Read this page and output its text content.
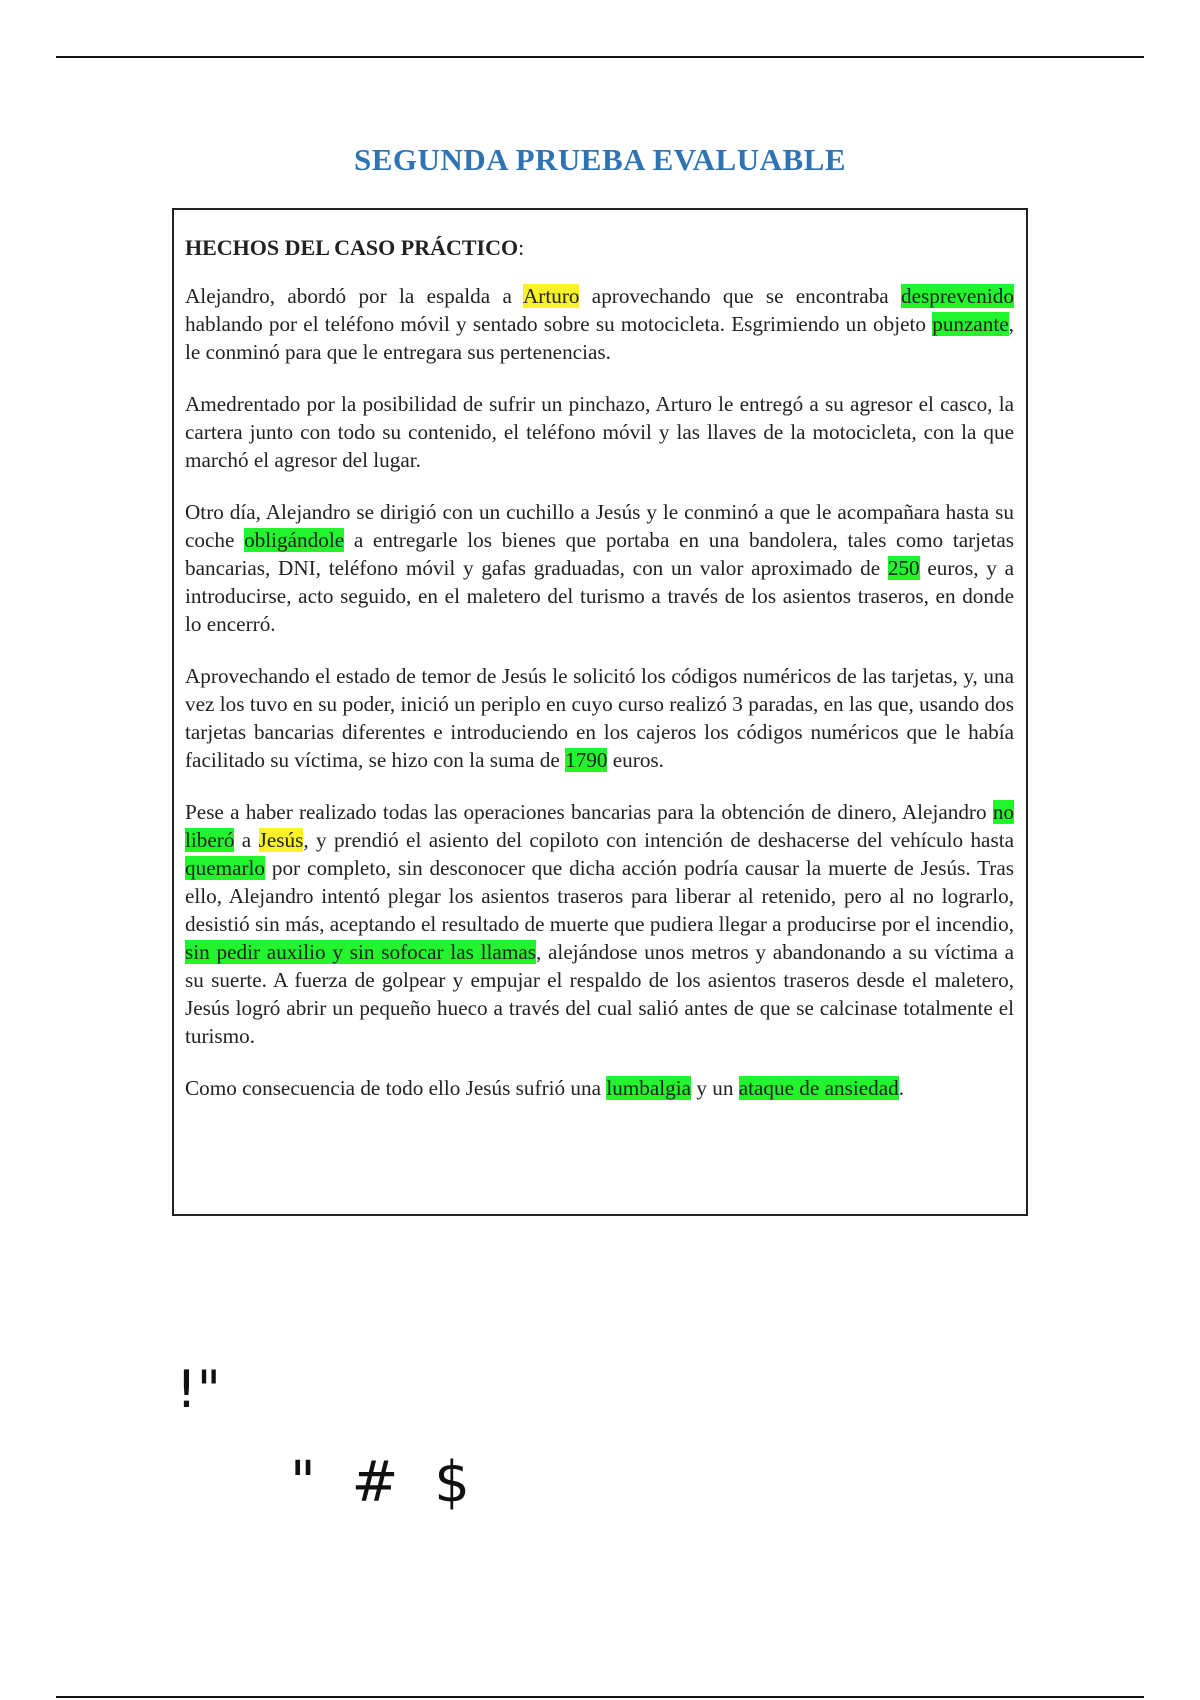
SEGUNDA PRUEBA EVALUABLE

HECHOS DEL CASO PRÁCTICO:

Alejandro, abordó por la espalda a Arturo aprovechando que se encontraba desprevenido hablando por el teléfono móvil y sentado sobre su motocicleta. Esgrimiendo un objeto punzante, le conminó para que le entregara sus pertenencias.

Amedrentado por la posibilidad de sufrir un pinchazo, Arturo le entregó a su agresor el casco, la cartera junto con todo su contenido, el teléfono móvil y las llaves de la motocicleta, con la que marchó el agresor del lugar.

Otro día, Alejandro se dirigió con un cuchillo a Jesús y le conminó a que le acompañara hasta su coche obligándole a entregarle los bienes que portaba en una bandolera, tales como tarjetas bancarias, DNI, teléfono móvil y gafas graduadas, con un valor aproximado de 250 euros, y a introducirse, acto seguido, en el maletero del turismo a través de los asientos traseros, en donde lo encerró.

Aprovechando el estado de temor de Jesús le solicitó los códigos numéricos de las tarjetas, y, una vez los tuvo en su poder, inició un periplo en cuyo curso realizó 3 paradas, en las que, usando dos tarjetas bancarias diferentes e introduciendo en los cajeros los códigos numéricos que le había facilitado su víctima, se hizo con la suma de 1790 euros.

Pese a haber realizado todas las operaciones bancarias para la obtención de dinero, Alejandro no liberó a Jesús, y prendió el asiento del copiloto con intención de deshacerse del vehículo hasta quemarlo por completo, sin desconocer que dicha acción podría causar la muerte de Jesús. Tras ello, Alejandro intentó plegar los asientos traseros para liberar al retenido, pero al no lograrlo, desistió sin más, aceptando el resultado de muerte que pudiera llegar a producirse por el incendio, sin pedir auxilio y sin sofocar las llamas, alejándose unos metros y abandonando a su víctima a su suerte. A fuerza de golpear y empujar el respaldo de los asientos traseros desde el maletero, Jesús logró abrir un pequeño hueco a través del cual salió antes de que se calcinase totalmente el turismo.

Como consecuencia de todo ello Jesús sufrió una lumbalgia y un ataque de ansiedad.

!"
" # $
